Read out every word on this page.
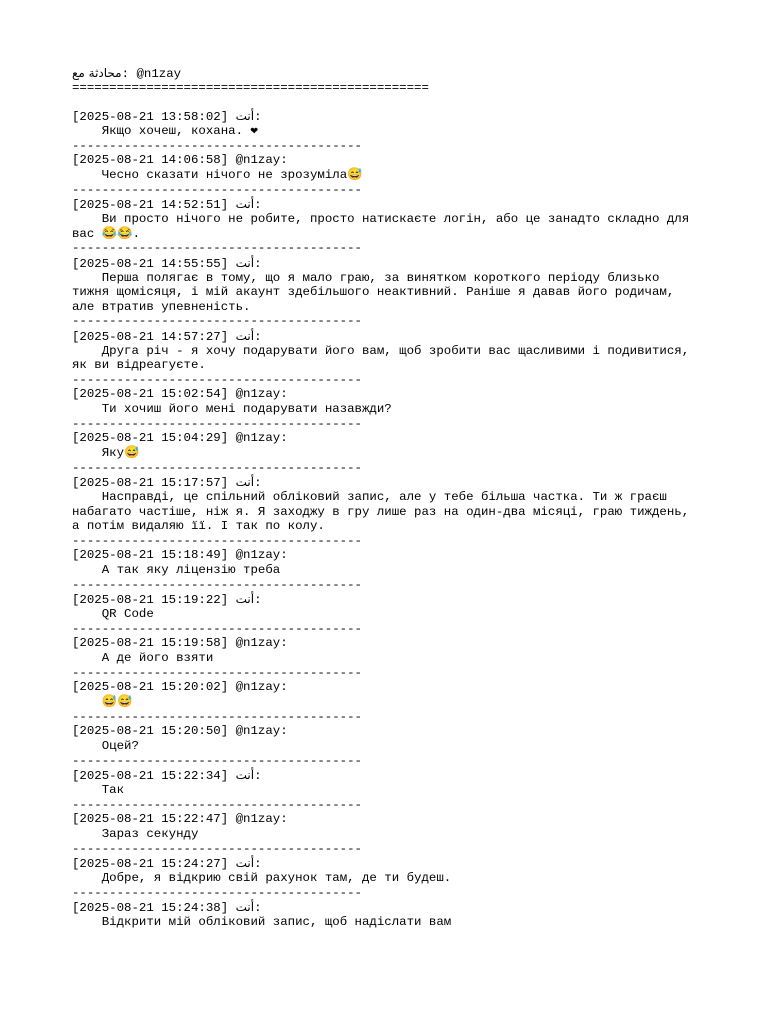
محادثة مع: @n1zay
================================================
[2025-08-21 13:58:02] أنت:
Якщо хочеш, кохана. ❤
---------------------------------------
[2025-08-21 14:06:58] @n1zay:
Чесно сказати нічого не зрозуміла😅
---------------------------------------
[2025-08-21 14:52:51] أنت:
Ви просто нічого не робите, просто натискаєте логін, або це занадто складно для вас 😂😂.
---------------------------------------
[2025-08-21 14:55:55] أنت:
Перша полягає в тому, що я мало граю, за винятком короткого періоду близько тижня щомісяця, і мій акаунт здебільшого неактивний. Раніше я давав його родичам, але втратив упевненість.
---------------------------------------
[2025-08-21 14:57:27] أنت:
Друга річ - я хочу подарувати його вам, щоб зробити вас щасливими і подивитися, як ви відреагуєте.
---------------------------------------
[2025-08-21 15:02:54] @n1zay:
Ти хочиш його мені подарувати назавжди?
---------------------------------------
[2025-08-21 15:04:29] @n1zay:
Яку😅
---------------------------------------
[2025-08-21 15:17:57] أنت:
Насправді, це спільний обліковий запис, але у тебе більша частка. Ти ж граєш набагато частіше, ніж я. Я заходжу в гру лише раз на один-два місяці, граю тиждень, а потім видаляю її. І так по колу.
---------------------------------------
[2025-08-21 15:18:49] @n1zay:
А так яку ліцензію треба
---------------------------------------
[2025-08-21 15:19:22] أنت:
QR Code
---------------------------------------
[2025-08-21 15:19:58] @n1zay:
А де його взяти
---------------------------------------
[2025-08-21 15:20:02] @n1zay:
😅😅
---------------------------------------
[2025-08-21 15:20:50] @n1zay:
Оцей?
---------------------------------------
[2025-08-21 15:22:34] أنت:
Так
---------------------------------------
[2025-08-21 15:22:47] @n1zay:
Зараз секунду
---------------------------------------
[2025-08-21 15:24:27] أنت:
Добре, я відкрию свій рахунок там, де ти будеш.
---------------------------------------
[2025-08-21 15:24:38] أنت:
Відкрити мій обліковий запис, щоб надіслати вам
